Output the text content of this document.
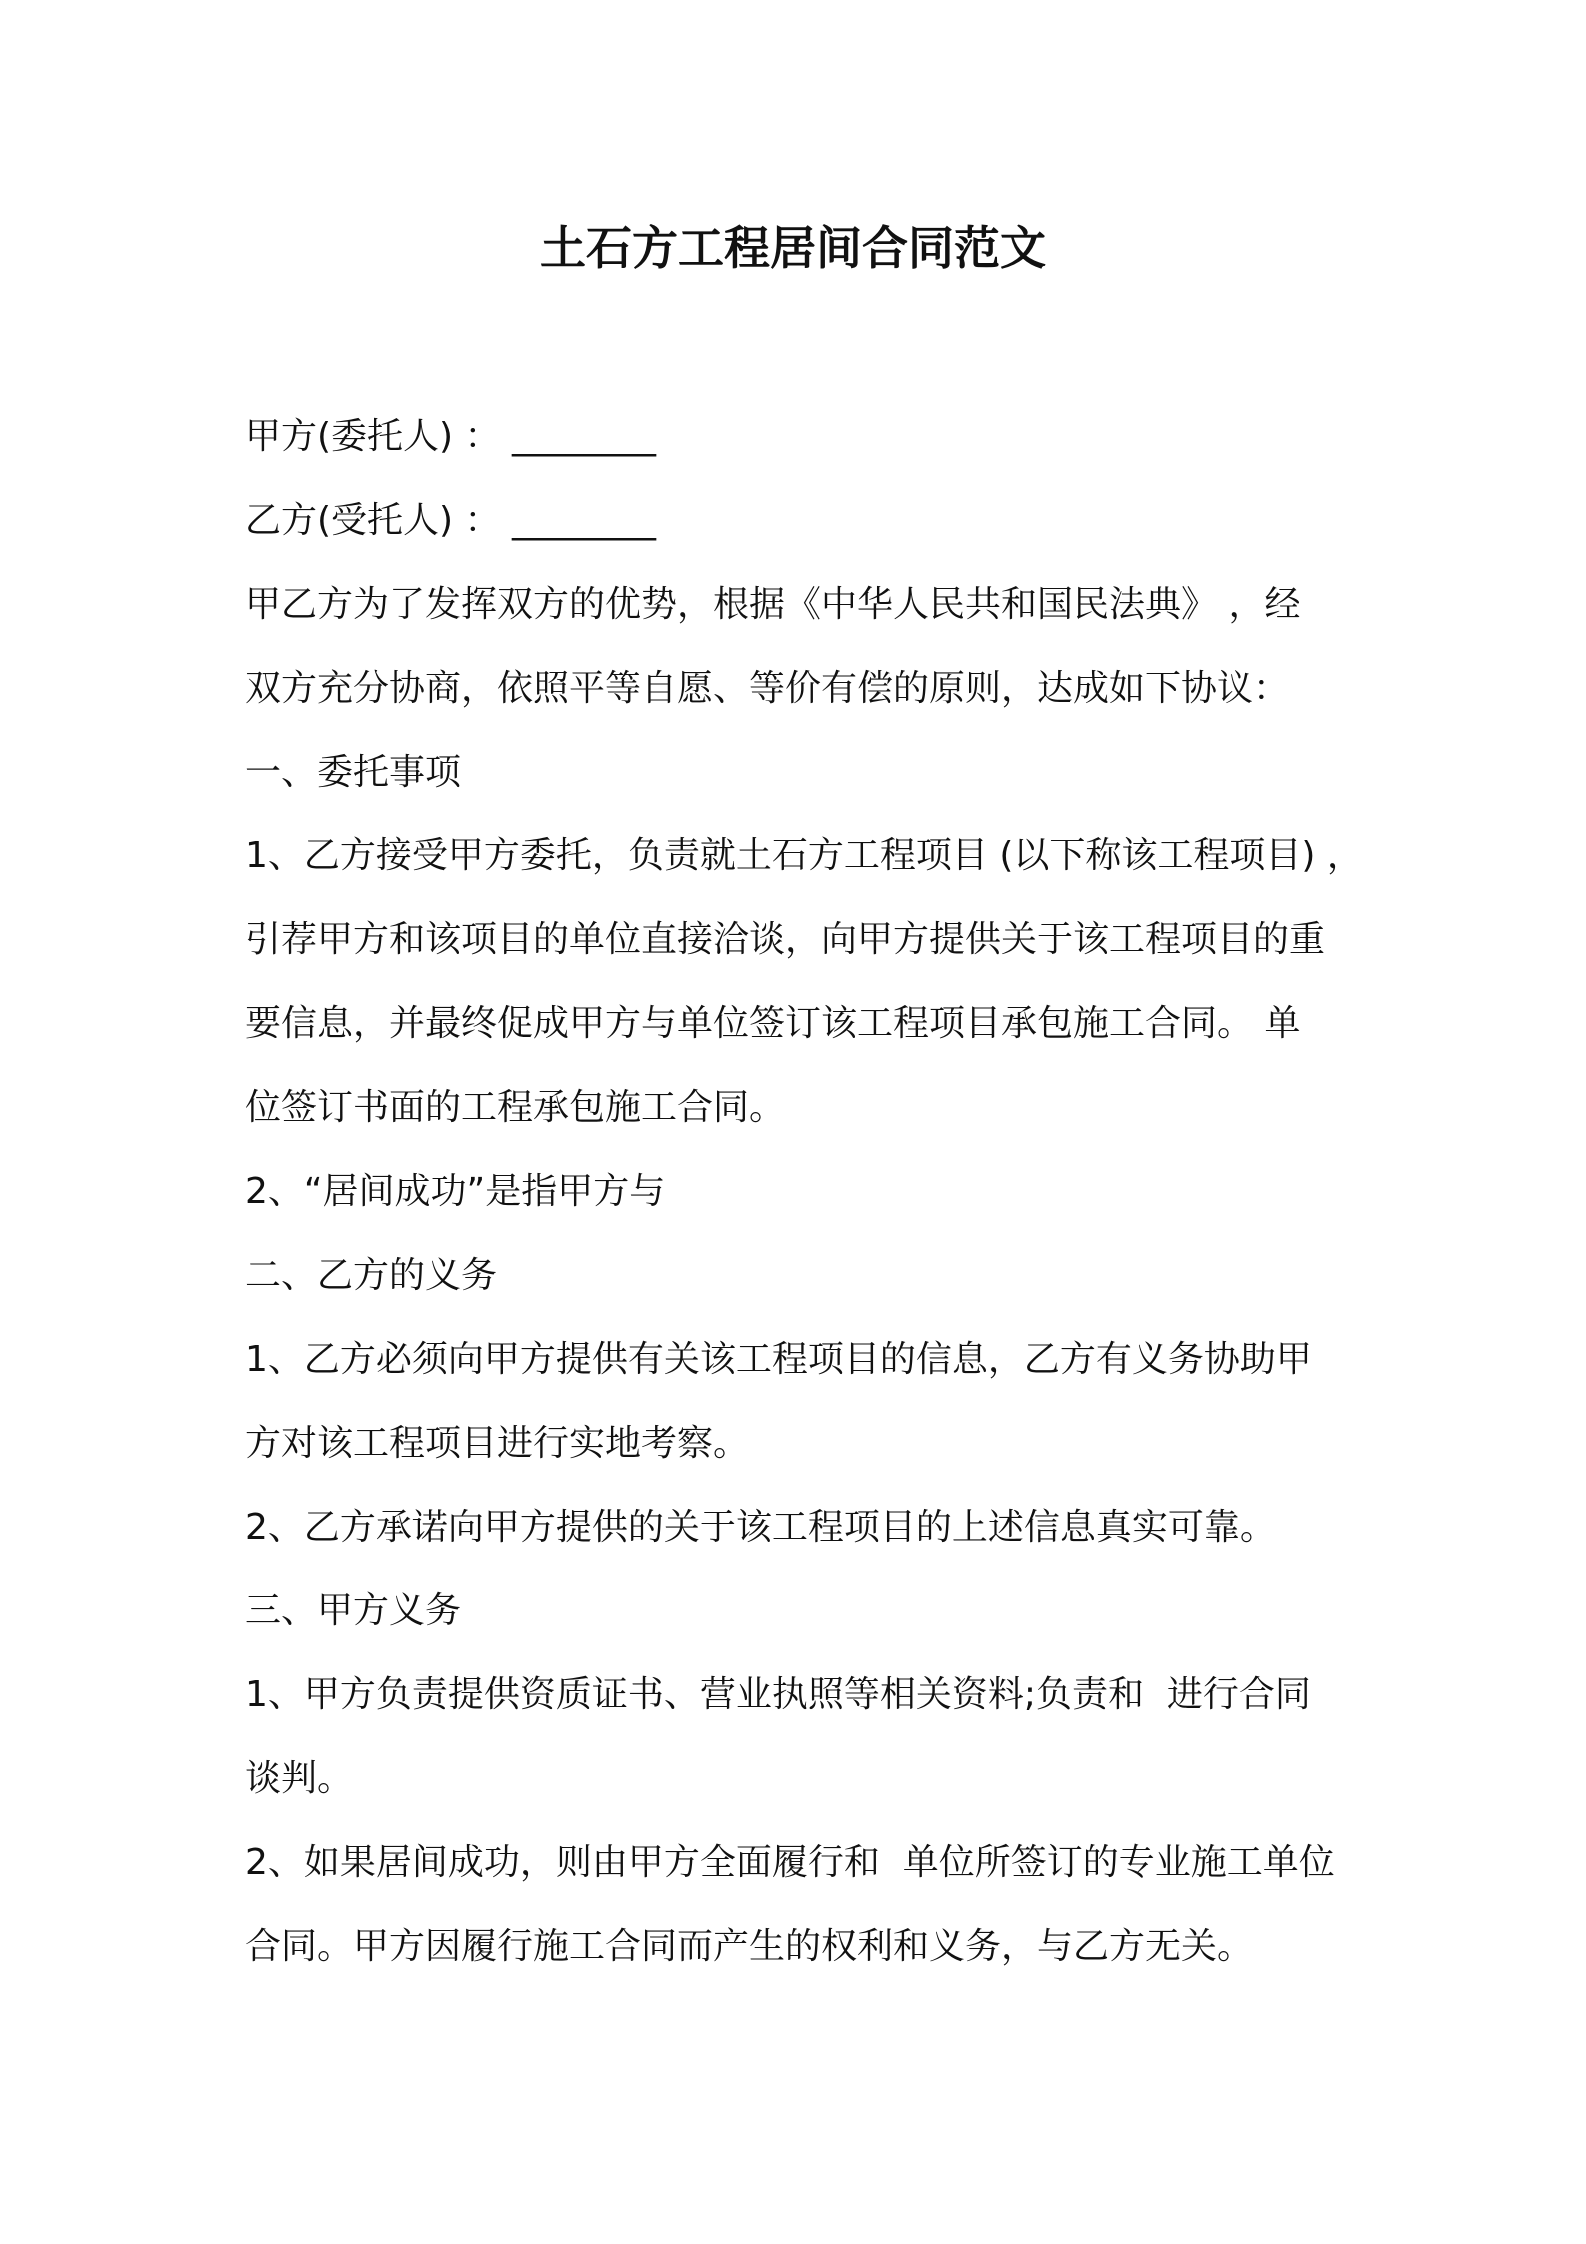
土石方工程居间合同范文
甲方(委托人) ： ________
乙方(受托人) ： ________
甲乙方为了发挥双方的优势，根据《中华人民共和国民法典》 ，经
双方充分协商，依照平等自愿、等价有偿的原则，达成如下协议：
一、委托事项
1、乙方接受甲方委托，负责就土石方工程项目 (以下称该工程项目) ，
引荐甲方和该项目的单位直接洽谈，向甲方提供关于该工程项目的重
要信息，并最终促成甲方与单位签订该工程项目承包施工合同。 单
位签订书面的工程承包施工合同。
2、“居间成功”是指甲方与
二、乙方的义务
1、乙方必须向甲方提供有关该工程项目的信息，乙方有义务协助甲
方对该工程项目进行实地考察。
2、乙方承诺向甲方提供的关于该工程项目的上述信息真实可靠。
三、甲方义务
1、甲方负责提供资质证书、营业执照等相关资料;负责和  进行合同
谈判。
2、如果居间成功，则由甲方全面履行和  单位所签订的专业施工单位
合同。甲方因履行施工合同而产生的权利和义务，与乙方无关。
